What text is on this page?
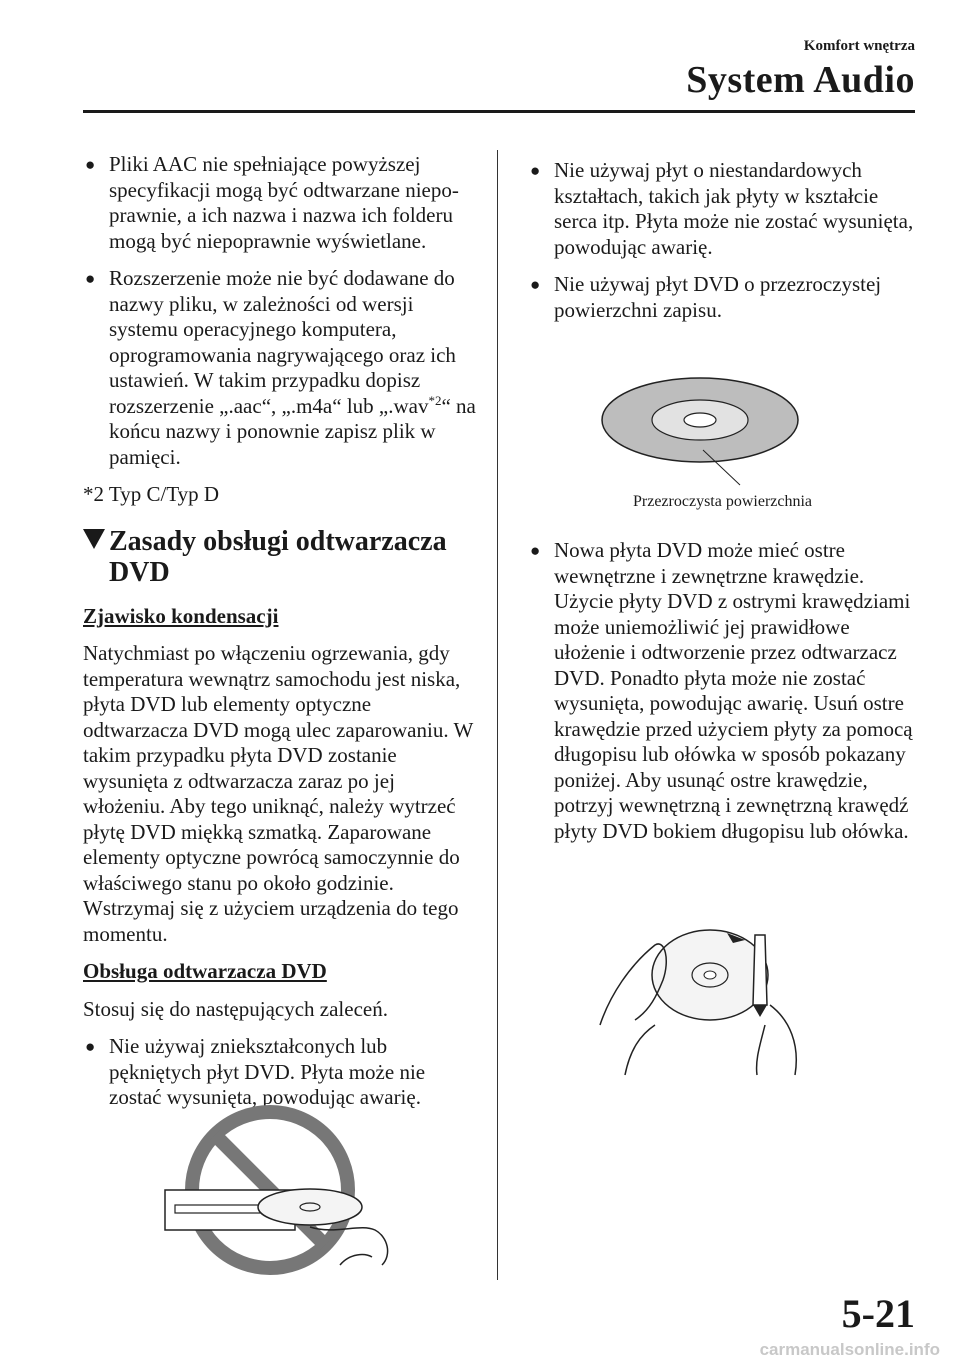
Komfort wnętrza
System Audio
● Pliki AAC nie spełniające powyższej specyfikacji mogą być odtwarzane niepo-prawnie, a ich nazwa i nazwa ich folderu mogą być niepoprawnie wyświetlane.
● Rozszerzenie może nie być dodawane do nazwy pliku, w zależności od wersji systemu operacyjnego komputera, oprogramowania nagrywającego oraz ich ustawień. W takim przypadku dopisz rozszerzenie „.aac“, „.m4a“ lub „.wav$^{*2}$“ na końcu nazwy i ponownie zapisz plik w pamięci.
*2 Typ C/Typ D
Zasady obsługi odtwarzacza DVD
Zjawisko kondensacji
Natychmiast po włączeniu ogrzewania, gdy temperatura wewnątrz samochodu jest niska, płyta DVD lub elementy optyczne odtwarzacza DVD mogą ulec zaparowaniu. W takim przypadku płyta DVD zostanie wysunięta z odtwarzacza zaraz po jej włożeniu. Aby tego uniknąć, należy wytrzeć płytę DVD miękką szmatką. Zaparowane elementy optyczne powrócą samoczynnie do właściwego stanu po około godzinie. Wstrzymaj się z użyciem urządzenia do tego momentu.
Obsługa odtwarzacza DVD
Stosuj się do następujących zaleceń.
● Nie używaj zniekształconych lub pękniętych płyt DVD. Płyta może nie zostać wysunięta, powodując awarię.
● Nie używaj płyt o niestandardowych kształtach, takich jak płyty w kształcie serca itp. Płyta może nie zostać wysunięta, powodując awarię.
● Nie używaj płyt DVD o przezroczystej powierzchni zapisu.
Przezroczysta powierzchnia
● Nowa płyta DVD może mieć ostre wewnętrzne i zewnętrzne krawędzie. Użycie płyty DVD z ostrymi krawędziami może uniemożliwić jej prawidłowe ułożenie i odtworzenie przez odtwarzacz DVD. Ponadto płyta może nie zostać wysunięta, powodując awarię. Usuń ostre krawędzie przed użyciem płyty za pomocą długopisu lub ołówka w sposób pokazany poniżej. Aby usunąć ostre krawędzie, potrzyj wewnętrzną i zewnętrzną krawędź płyty DVD bokiem długopisu lub ołówka.
5-21
carmanualsonline.info
